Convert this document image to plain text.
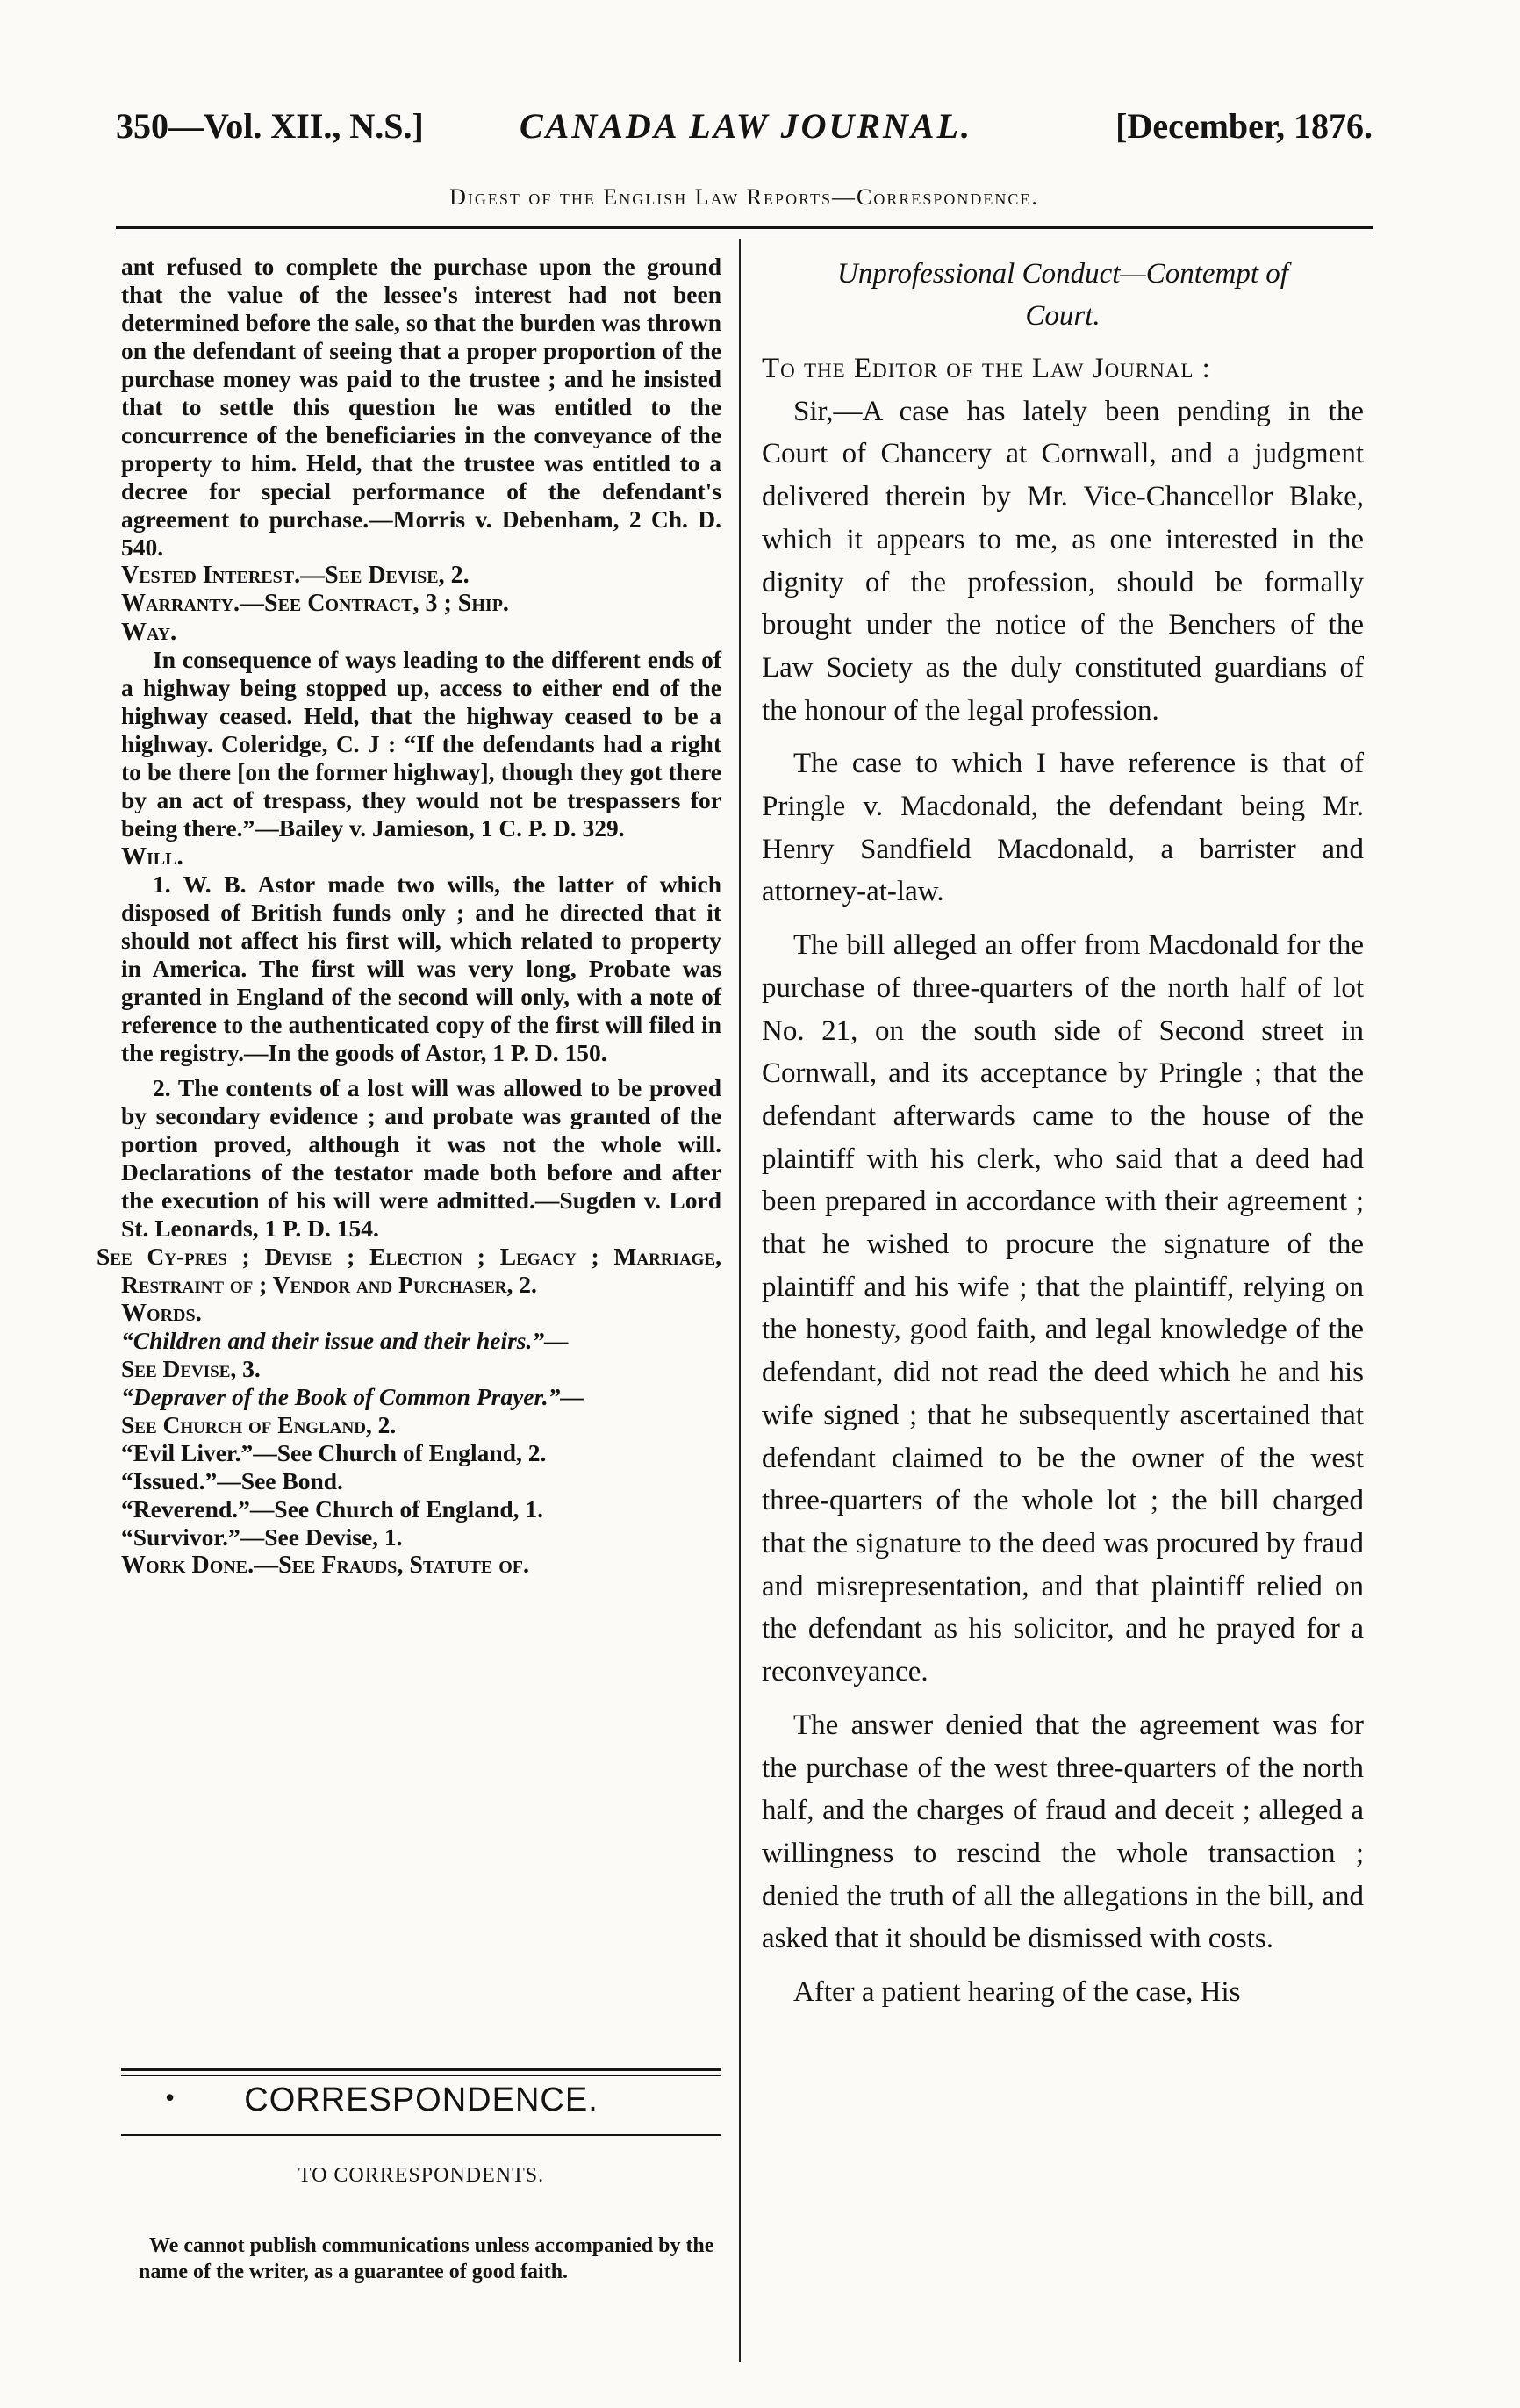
350—Vol. XII., N.S.]	CANADA LAW JOURNAL.	[December, 1876.
Digest of the English Law Reports—Correspondence.

ant refused to complete the purchase upon the ground that the value of the lessee's interest had not been determined before the sale, so that the burden was thrown on the defendant of seeing that a proper proportion of the purchase money was paid to the trustee ; and he insisted that to settle this question he was entitled to the concurrence of the beneficiaries in the conveyance of the property to him. Held, that the trustee was entitled to a decree for special performance of the defendant's agreement to purchase.—Morris v. Debenham, 2 Ch. D. 540.

Vested Interest.—See Devise, 2.

Warranty.—See Contract, 3 ; Ship.

Way.

In consequence of ways leading to the different ends of a highway being stopped up, access to either end of the highway ceased. Held, that the highway ceased to be a highway. Coleridge, C. J : “If the defendants had a right to be there [on the former highway], though they got there by an act of trespass, they would not be trespassers for being there.”—Bailey v. Jamieson, 1 C. P. D. 329.

Will.

1. W. B. Astor made two wills, the latter of which disposed of British funds only ; and he directed that it should not affect his first will, which related to property in America. The first will was very long, Probate was granted in England of the second will only, with a note of reference to the authenticated copy of the first will filed in the registry.—In the goods of Astor, 1 P. D. 150.

2. The contents of a lost will was allowed to be proved by secondary evidence ; and probate was granted of the portion proved, although it was not the whole will. Declarations of the testator made both before and after the execution of his will were admitted.—Sugden v. Lord St. Leonards, 1 P. D. 154.

See Cy-pres ; Devise ; Election ; Legacy ; Marriage, Restraint of ; Vendor and Purchaser, 2.

Words.

“Children and their issue and their heirs.”—

See Devise, 3.

“Depraver of the Book of Common Prayer.”—

See Church of England, 2.

“Evil Liver.”—See Church of England, 2.

“Issued.”—See Bond.

“Reverend.”—See Church of England, 1.

“Survivor.”—See Devise, 1.

Work Done.—See Frauds, Statute of.

•	CORRESPONDENCE.
TO CORRESPONDENTS.
We cannot publish communications unless accompanied by the name of the writer, as a guarantee of good faith.
Unprofessional Conduct—Contempt of
Court.

To the Editor of the Law Journal :

Sir,—A case has lately been pending in the Court of Chancery at Cornwall, and a judgment delivered therein by Mr. Vice-Chancellor Blake, which it appears to me, as one interested in the dignity of the profession, should be formally brought under the notice of the Benchers of the Law Society as the duly constituted guardians of the honour of the legal profession.

The case to which I have reference is that of Pringle v. Macdonald, the defendant being Mr. Henry Sandfield Macdonald, a barrister and attorney-at-law.

The bill alleged an offer from Macdonald for the purchase of three-quarters of the north half of lot No. 21, on the south side of Second street in Cornwall, and its acceptance by Pringle ; that the defendant afterwards came to the house of the plaintiff with his clerk, who said that a deed had been prepared in accordance with their agreement ; that he wished to procure the signature of the plaintiff and his wife ; that the plaintiff, relying on the honesty, good faith, and legal knowledge of the defendant, did not read the deed which he and his wife signed ; that he subsequently ascertained that defendant claimed to be the owner of the west three-quarters of the whole lot ; the bill charged that the signature to the deed was procured by fraud and misrepresentation, and that plaintiff relied on the defendant as his solicitor, and he prayed for a reconveyance.

The answer denied that the agreement was for the purchase of the west three-quarters of the north half, and the charges of fraud and deceit ; alleged a willingness to rescind the whole transaction ; denied the truth of all the allegations in the bill, and asked that it should be dismissed with costs.

After a patient hearing of the case, His
